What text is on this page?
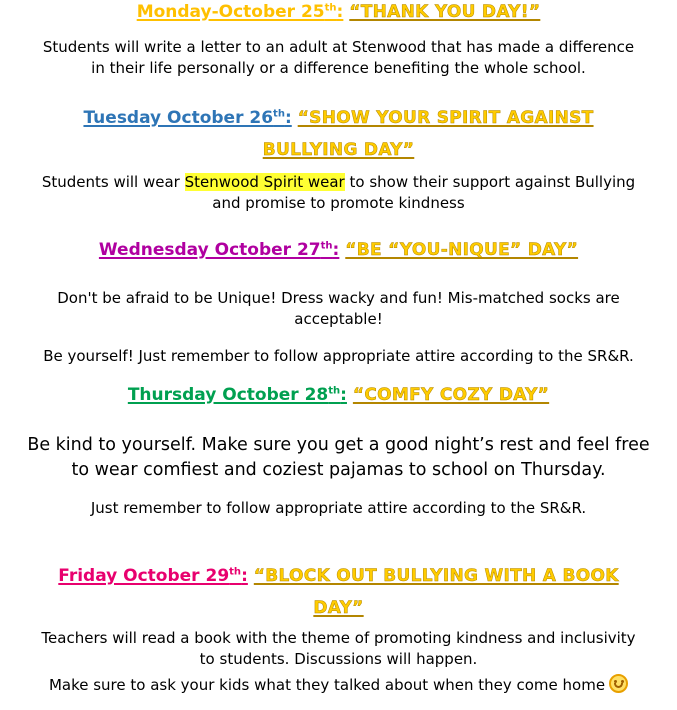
Monday-October 25th: “THANK YOU DAY!”
Students will write a letter to an adult at Stenwood that has made a difference
in their life personally or a difference benefiting the whole school.
Tuesday October 26th: “SHOW YOUR SPIRIT AGAINST
BULLYING DAY”
Students will wear Stenwood Spirit wear to show their support against Bullying
and promise to promote kindness
Wednesday October 27th: “BE “YOU-NIQUE” DAY”
Don't be afraid to be Unique! Dress wacky and fun! Mis-matched socks are
acceptable!
Be yourself! Just remember to follow appropriate attire according to the SR&R.
Thursday October 28th: “COMFY COZY DAY”
Be kind to yourself. Make sure you get a good night’s rest and feel free
to wear comfiest and coziest pajamas to school on Thursday.
Just remember to follow appropriate attire according to the SR&R.
Friday October 29th: “BLOCK OUT BULLYING WITH A BOOK
DAY”
Teachers will read a book with the theme of promoting kindness and inclusivity
to students. Discussions will happen.
Make sure to ask your kids what they talked about when they come home
